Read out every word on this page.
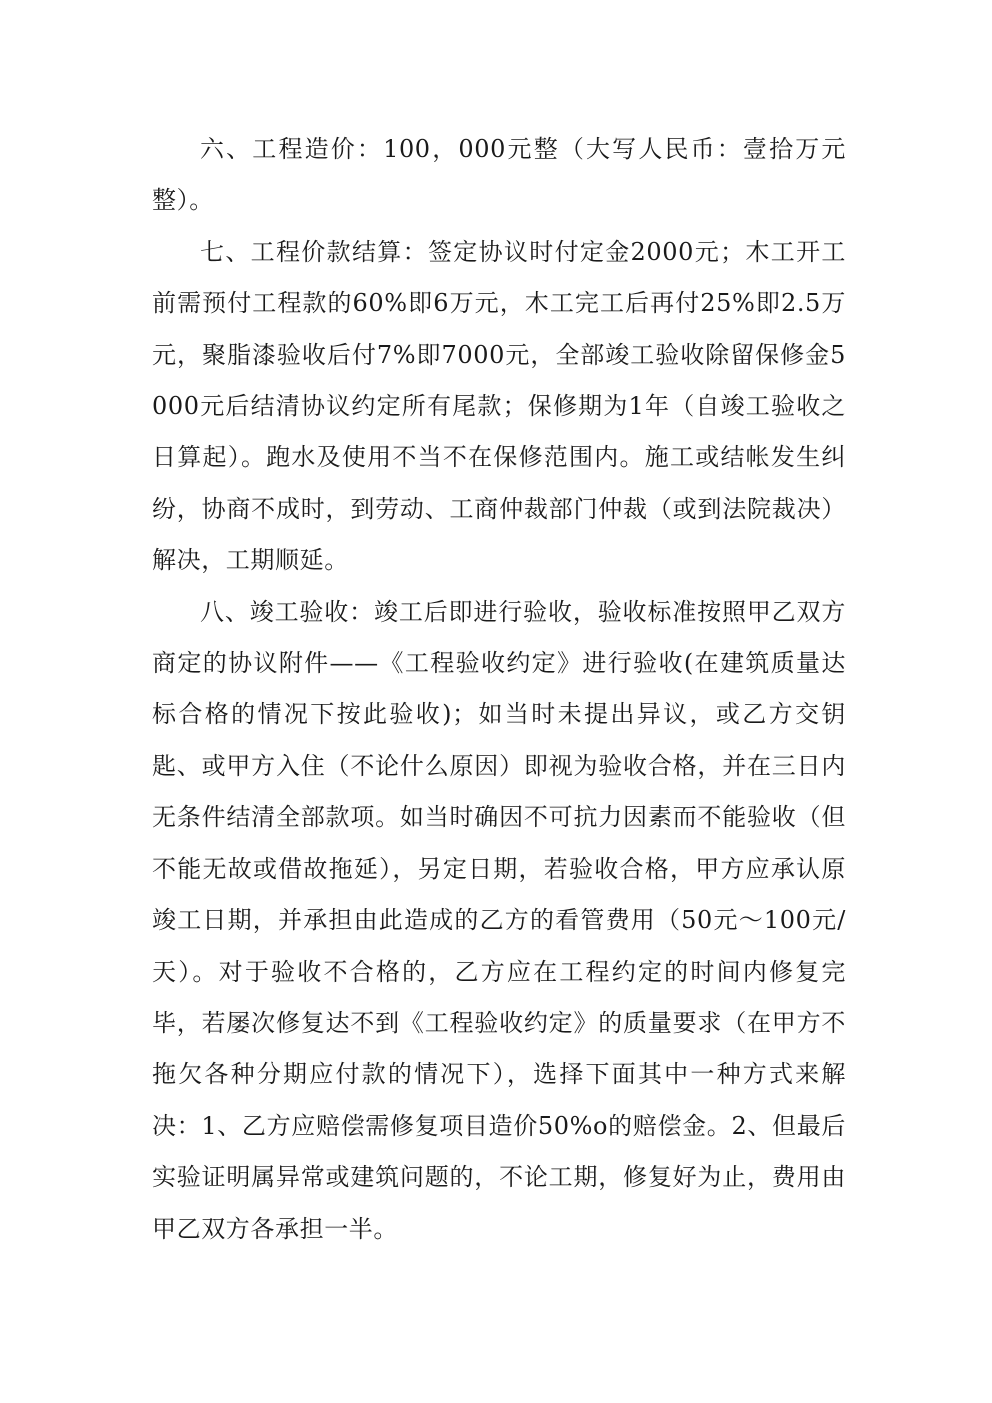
六、工程造价：100，000元整（大写人民币：壹拾万元整）。

七、工程价款结算：签定协议时付定金2000元；木工开工前需预付工程款的60%即6万元，木工完工后再付25%即2.5万元，聚脂漆验收后付7%即7000元，全部竣工验收除留保修金5000元后结清协议约定所有尾款；保修期为1年（自竣工验收之日算起）。跑水及使用不当不在保修范围内。施工或结帐发生纠纷，协商不成时，到劳动、工商仲裁部门仲裁（或到法院裁决）解决，工期顺延。

八、竣工验收：竣工后即进行验收，验收标准按照甲乙双方商定的协议附件——《工程验收约定》进行验收(在建筑质量达标合格的情况下按此验收)；如当时未提出异议，或乙方交钥匙、或甲方入住（不论什么原因）即视为验收合格，并在三日内无条件结清全部款项。如当时确因不可抗力因素而不能验收（但不能无故或借故拖延），另定日期，若验收合格，甲方应承认原竣工日期，并承担由此造成的乙方的看管费用（50元～100元/天）。对于验收不合格的，乙方应在工程约定的时间内修复完毕，若屡次修复达不到《工程验收约定》的质量要求（在甲方不拖欠各种分期应付款的情况下），选择下面其中一种方式来解决：1、乙方应赔偿需修复项目造价50%o的赔偿金。2、但最后实验证明属异常或建筑问题的，不论工期，修复好为止，费用由甲乙双方各承担一半。
